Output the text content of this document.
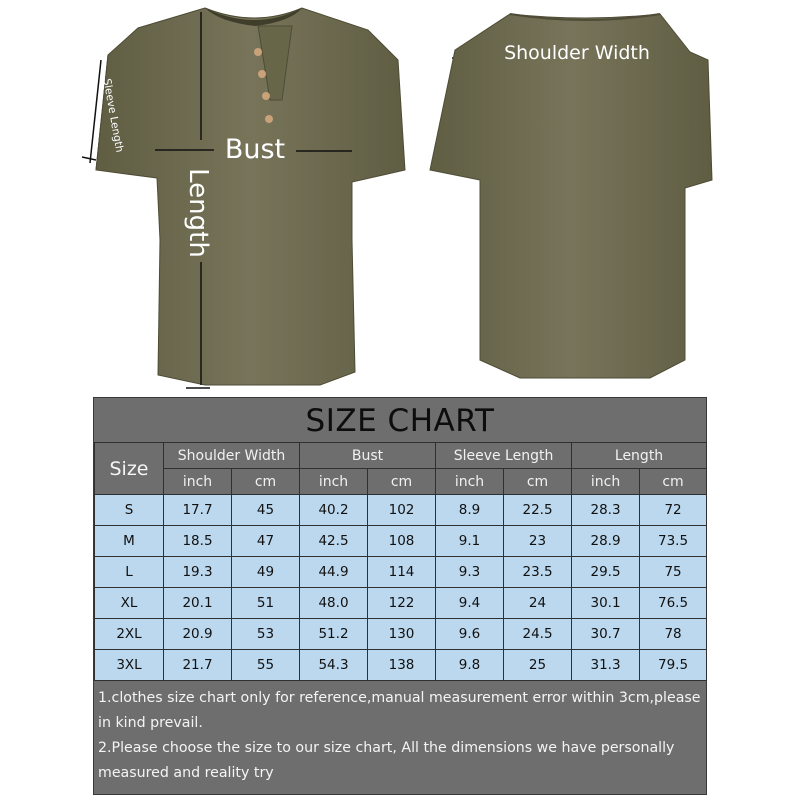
Bust
Length
Sleeve Length
Shoulder Width
SIZE CHART
Size	Shoulder Width		Bust		Sleeve Length		Length	
	inch	cm	inch	cm	inch	cm	inch	cm
S	17.7	45	40.2	102	8.9	22.5	28.3	72
M	18.5	47	42.5	108	9.1	23	28.9	73.5
L	19.3	49	44.9	114	9.3	23.5	29.5	75
XL	20.1	51	48.0	122	9.4	24	30.1	76.5
2XL	20.9	53	51.2	130	9.6	24.5	30.7	78
3XL	21.7	55	54.3	138	9.8	25	31.3	79.5

1.clothes size chart only for reference,manual measurement error within 3cm,please in kind prevail.

2.Please choose the size to our size chart, All the dimensions we have personally measured and reality try
